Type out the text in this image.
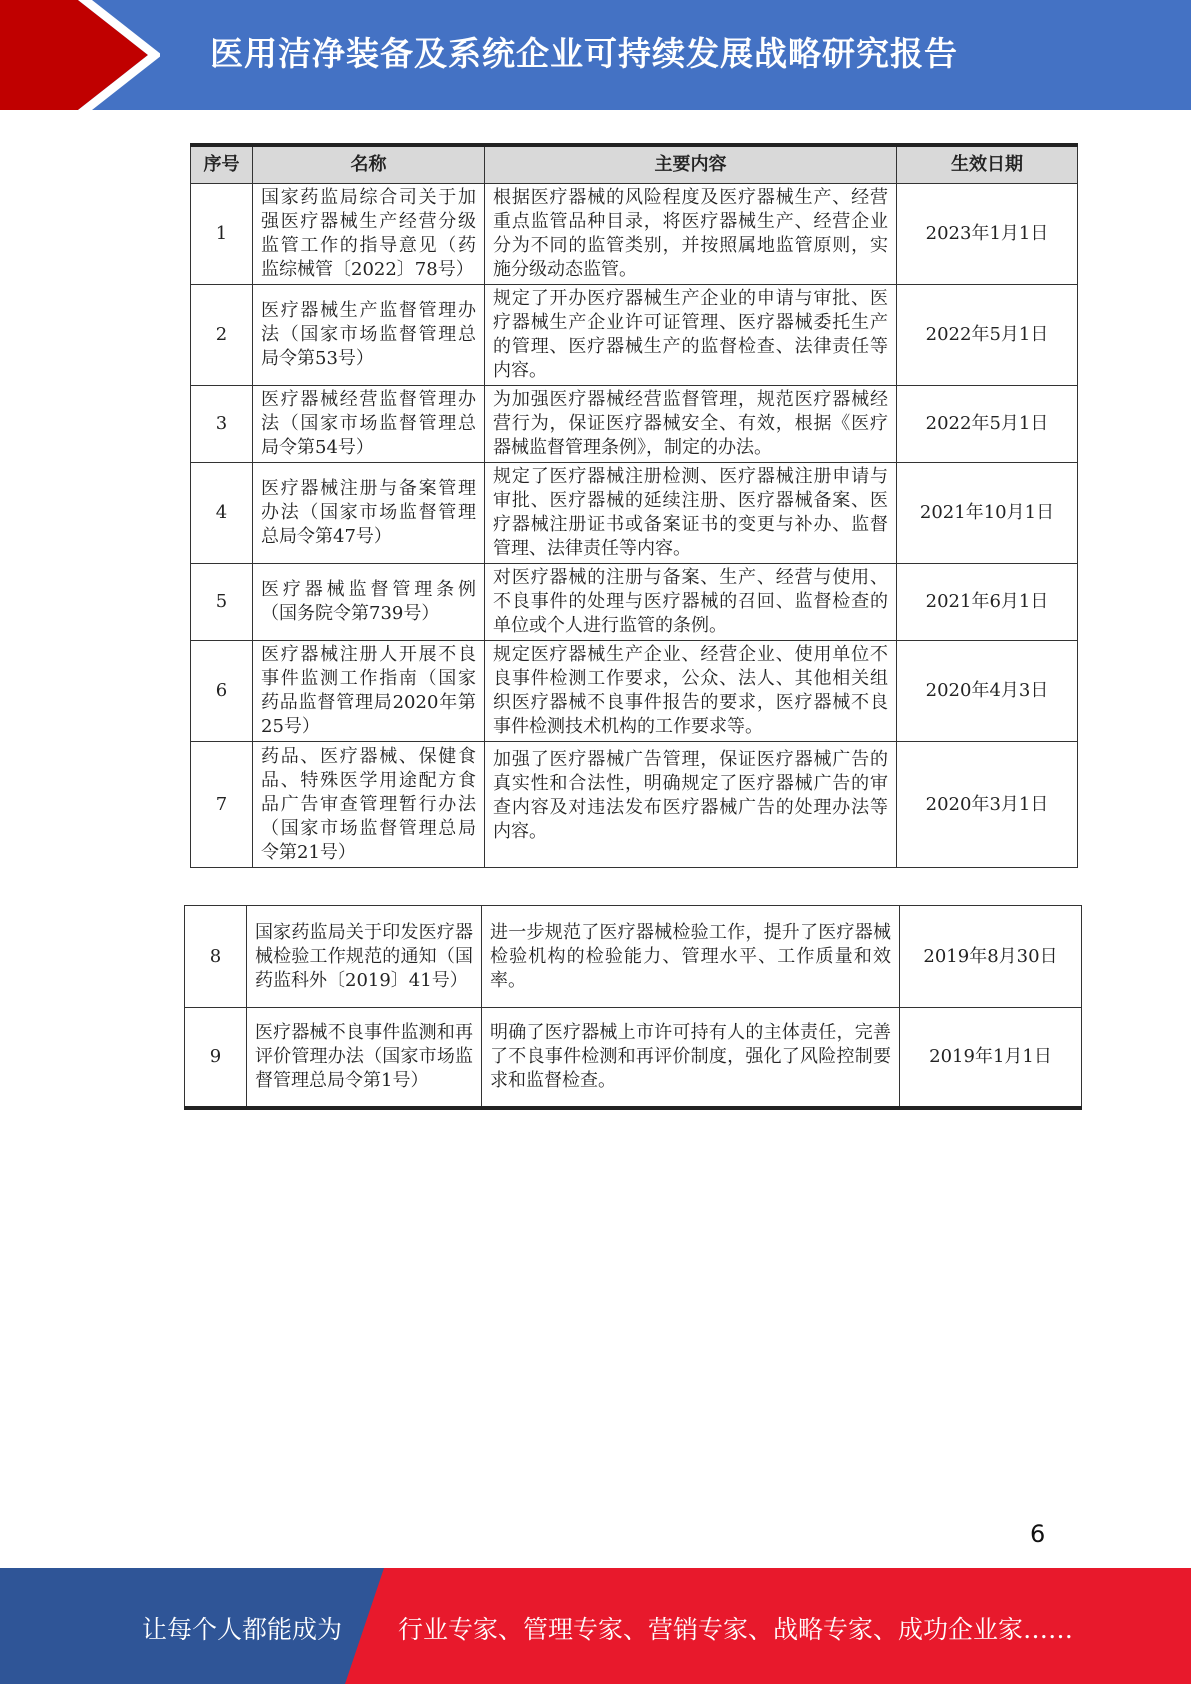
医用洁净装备及系统企业可持续发展战略研究报告
序号	名称	主要内容	生效日期
1	国家药监局综合司关于加强医疗器械生产经营分级监管工作的指导意见（药监综械管〔2022〕78号）	根据医疗器械的风险程度及医疗器械生产、经营重点监管品种目录，将医疗器械生产、经营企业分为不同的监管类别，并按照属地监管原则，实施分级动态监管。	2023年1月1日
2	医疗器械生产监督管理办法（国家市场监督管理总局令第53号）	规定了开办医疗器械生产企业的申请与审批、医疗器械生产企业许可证管理、医疗器械委托生产的管理、医疗器械生产的监督检查、法律责任等内容。	2022年5月1日
3	医疗器械经营监督管理办法（国家市场监督管理总局令第54号）	为加强医疗器械经营监督管理，规范医疗器械经营行为，保证医疗器械安全、有效，根据《医疗器械监督管理条例》，制定的办法。	2022年5月1日
4	医疗器械注册与备案管理办法（国家市场监督管理总局令第47号）	规定了医疗器械注册检测、医疗器械注册申请与审批、医疗器械的延续注册、医疗器械备案、医疗器械注册证书或备案证书的变更与补办、监督管理、法律责任等内容。	2021年10月1日
5	医疗器械监督管理条例（国务院令第739号）	对医疗器械的注册与备案、生产、经营与使用、不良事件的处理与医疗器械的召回、监督检查的单位或个人进行监管的条例。	2021年6月1日
6	医疗器械注册人开展不良事件监测工作指南（国家药品监督管理局2020年第25号）	规定医疗器械生产企业、经营企业、使用单位不良事件检测工作要求，公众、法人、其他相关组织医疗器械不良事件报告的要求，医疗器械不良事件检测技术机构的工作要求等。	2020年4月3日
7	药品、医疗器械、保健食品、特殊医学用途配方食品广告审查管理暂行办法（国家市场监督管理总局令第21号）	加强了医疗器械广告管理，保证医疗器械广告的真实性和合法性，明确规定了医疗器械广告的审查内容及对违法发布医疗器械广告的处理办法等内容。	2020年3月1日
8	国家药监局关于印发医疗器械检验工作规范的通知（国药监科外〔2019〕41号）	进一步规范了医疗器械检验工作，提升了医疗器械检验机构的检验能力、管理水平、工作质量和效率。	2019年8月30日
9	医疗器械不良事件监测和再评价管理办法（国家市场监督管理总局令第1号）	明确了医疗器械上市许可持有人的主体责任，完善了不良事件检测和再评价制度，强化了风险控制要求和监督检查。	2019年1月1日
6
让每个人都能成为 行业专家、管理专家、营销专家、战略专家、成功企业家……
